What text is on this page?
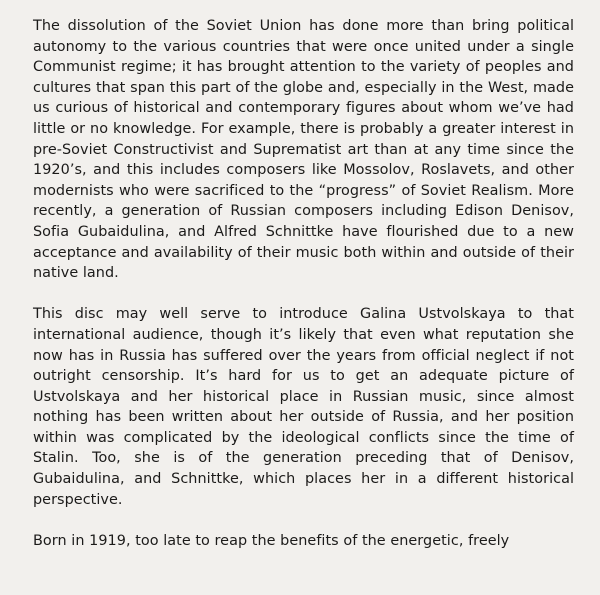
The dissolution of the Soviet Union has done more than bring political autonomy to the various countries that were once united under a single Communist regime; it has brought attention to the variety of peoples and cultures that span this part of the globe and, especially in the West, made us curious of historical and contemporary figures about whom we’ve had little or no knowledge. For example, there is probably a greater interest in pre-Soviet Constructivist and Suprematist art than at any time since the 1920’s, and this includes composers like Mossolov, Roslavets, and other modernists who were sacrificed to the “progress” of Soviet Realism. More recently, a generation of Russian composers including Edison Denisov, Sofia Gubaidulina, and Alfred Schnittke have flourished due to a new acceptance and availability of their music both within and outside of their native land.

This disc may well serve to introduce Galina Ustvolskaya to that international audience, though it’s likely that even what reputation she now has in Russia has suffered over the years from official neglect if not outright censorship. It’s hard for us to get an adequate picture of Ustvolskaya and her historical place in Russian music, since almost nothing has been written about her outside of Russia, and her position within was complicated by the ideological conflicts since the time of Stalin. Too, she is of the generation preceding that of Denisov, Gubaidulina, and Schnittke, which places her in a different historical perspective.

Born in 1919, too late to reap the benefits of the energetic, freely
